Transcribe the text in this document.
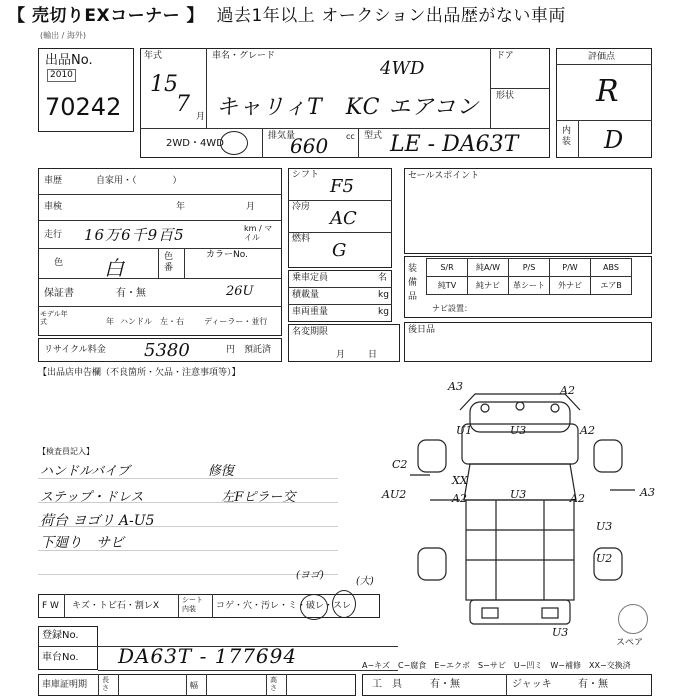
【 売切りEXコーナー 】 過去1年以上 オークション出品歴がない車両
(輸出 / 海外)
出品No.
2010
70242
年式
15
7 月
車名・グレード
4WD
キャリィT　KC エアコン
ドア
形状
2WD・4WD
排気量
660 cc 型式 LE - DA63T
評価点
R
内装 D
車歴	自家用・（　　　　）
車検	年	月
走行 16万6千9百5	km / マイル
色 白	色番
カラーNo.
保証書	有・無	26U
モデル年式	年 ハンドル　左・右	ディーラー・並行
リサイクル料金 5380	円　預託済
シフト
F5
冷房
AC
燃料
G
乗車定員	名
積載量	kg
車両重量	kg
名変期限
月	日
セールスポイント
装備品
S/R	純A/W	P/S	P/W	ABS
純TV	純ナビ	革シート	外ナビ	エアB
ナビ設置：
後日品
【出品店申告欄（不良箇所・欠品・注意事項等）】
【検査員記入】
ハンドルバイブ　　　　　　修復
ステップ・ドレス　　　　　　左Fピラー交
荷台 ヨゴリ A-U5
下廻り　サビ
A3	A2
U1	U3	A2
C2
AU2
XX
A2	U3	A2	A3
U3
U2
U3
スペア
F W キズ・トビ石・割レX
シート内装	コゲ・穴・汚レ・ミ・破レ・スレ
(ヨゴ)
(大)
登録No.
車台No. DA63T - 177694
車庫証明期 長さ	幅
高さ
A−キズ　C−腐食　E−エクボ　S−サビ　U−凹ミ　W−補修　XX−交換済
工　具	有・無	ジャッキ	有・無
